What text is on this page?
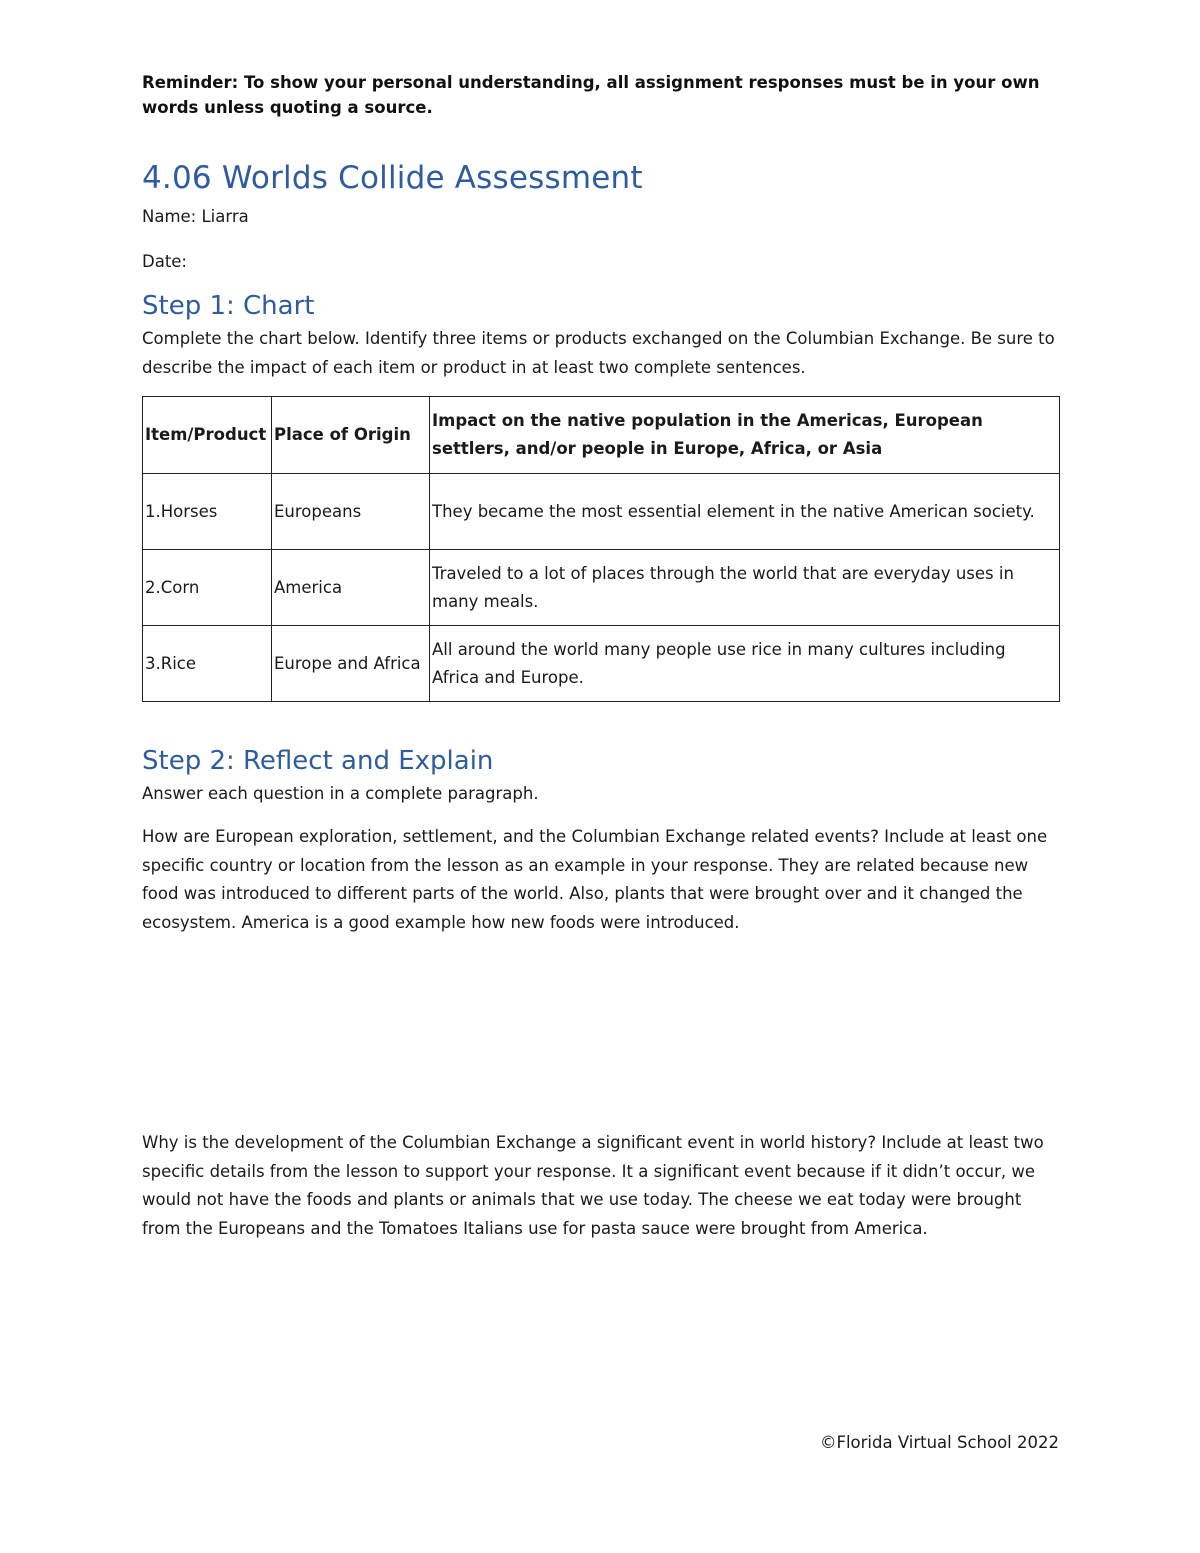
Reminder: To show your personal understanding, all assignment responses must be in your own words unless quoting a source.
4.06 Worlds Collide Assessment
Name: Liarra
Date:
Step 1: Chart
Complete the chart below. Identify three items or products exchanged on the Columbian Exchange. Be sure to describe the impact of each item or product in at least two complete sentences.
Item/Product	Place of Origin	Impact on the native population in the Americas, European settlers, and/or people in Europe, Africa, or Asia
1.Horses	Europeans	They became the most essential element in the native American society.
2.Corn	America	Traveled to a lot of places through the world that are everyday uses in many meals.
3.Rice	Europe and Africa	All around the world many people use rice in many cultures including Africa and Europe.
Step 2: Reflect and Explain
Answer each question in a complete paragraph.
How are European exploration, settlement, and the Columbian Exchange related events? Include at least one specific country or location from the lesson as an example in your response. They are related because new food was introduced to different parts of the world. Also, plants that were brought over and it changed the ecosystem. America is a good example how new foods were introduced.
Why is the development of the Columbian Exchange a significant event in world history? Include at least two specific details from the lesson to support your response. It a significant event because if it didn’t occur, we would not have the foods and plants or animals that we use today. The cheese we eat today were brought from the Europeans and the Tomatoes Italians use for pasta sauce were brought from America.
©Florida Virtual School 2022
